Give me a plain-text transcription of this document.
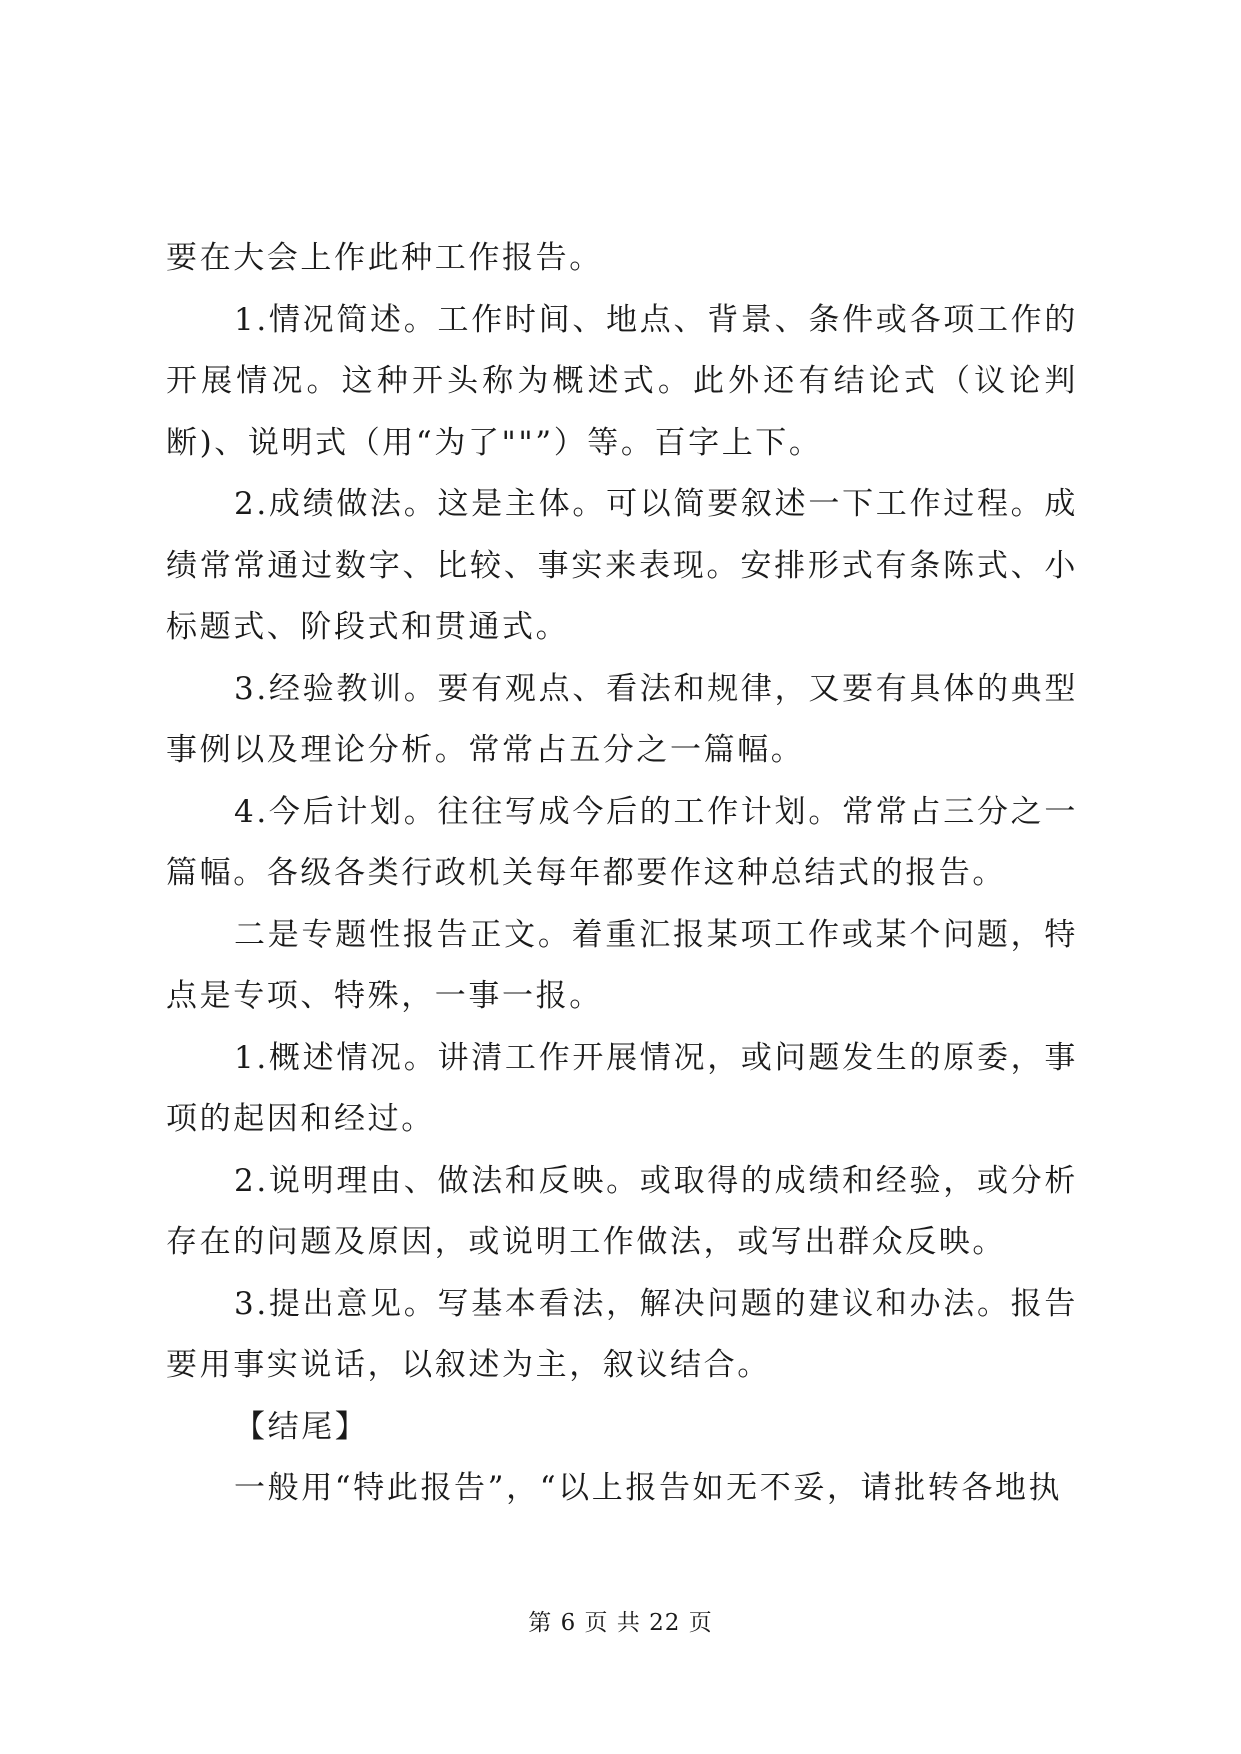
要在大会上作此种工作报告。

1.情况简述。工作时间、地点、背景、条件或各项工作的开展情况。这种开头称为概述式。此外还有结论式（议论判断)、说明式（用“为了""”）等。百字上下。

2.成绩做法。这是主体。可以简要叙述一下工作过程。成绩常常通过数字、比较、事实来表现。安排形式有条陈式、小标题式、阶段式和贯通式。

3.经验教训。要有观点、看法和规律，又要有具体的典型事例以及理论分析。常常占五分之一篇幅。

4.今后计划。往往写成今后的工作计划。常常占三分之一篇幅。各级各类行政机关每年都要作这种总结式的报告。

二是专题性报告正文。着重汇报某项工作或某个问题，特点是专项、特殊，一事一报。

1.概述情况。讲清工作开展情况，或问题发生的原委，事项的起因和经过。

2.说明理由、做法和反映。或取得的成绩和经验，或分析存在的问题及原因，或说明工作做法，或写出群众反映。

3.提出意见。写基本看法，解决问题的建议和办法。报告要用事实说话，以叙述为主，叙议结合。

【结尾】

一般用“特此报告”，“以上报告如无不妥，请批转各地执

第 6 页 共 22 页
